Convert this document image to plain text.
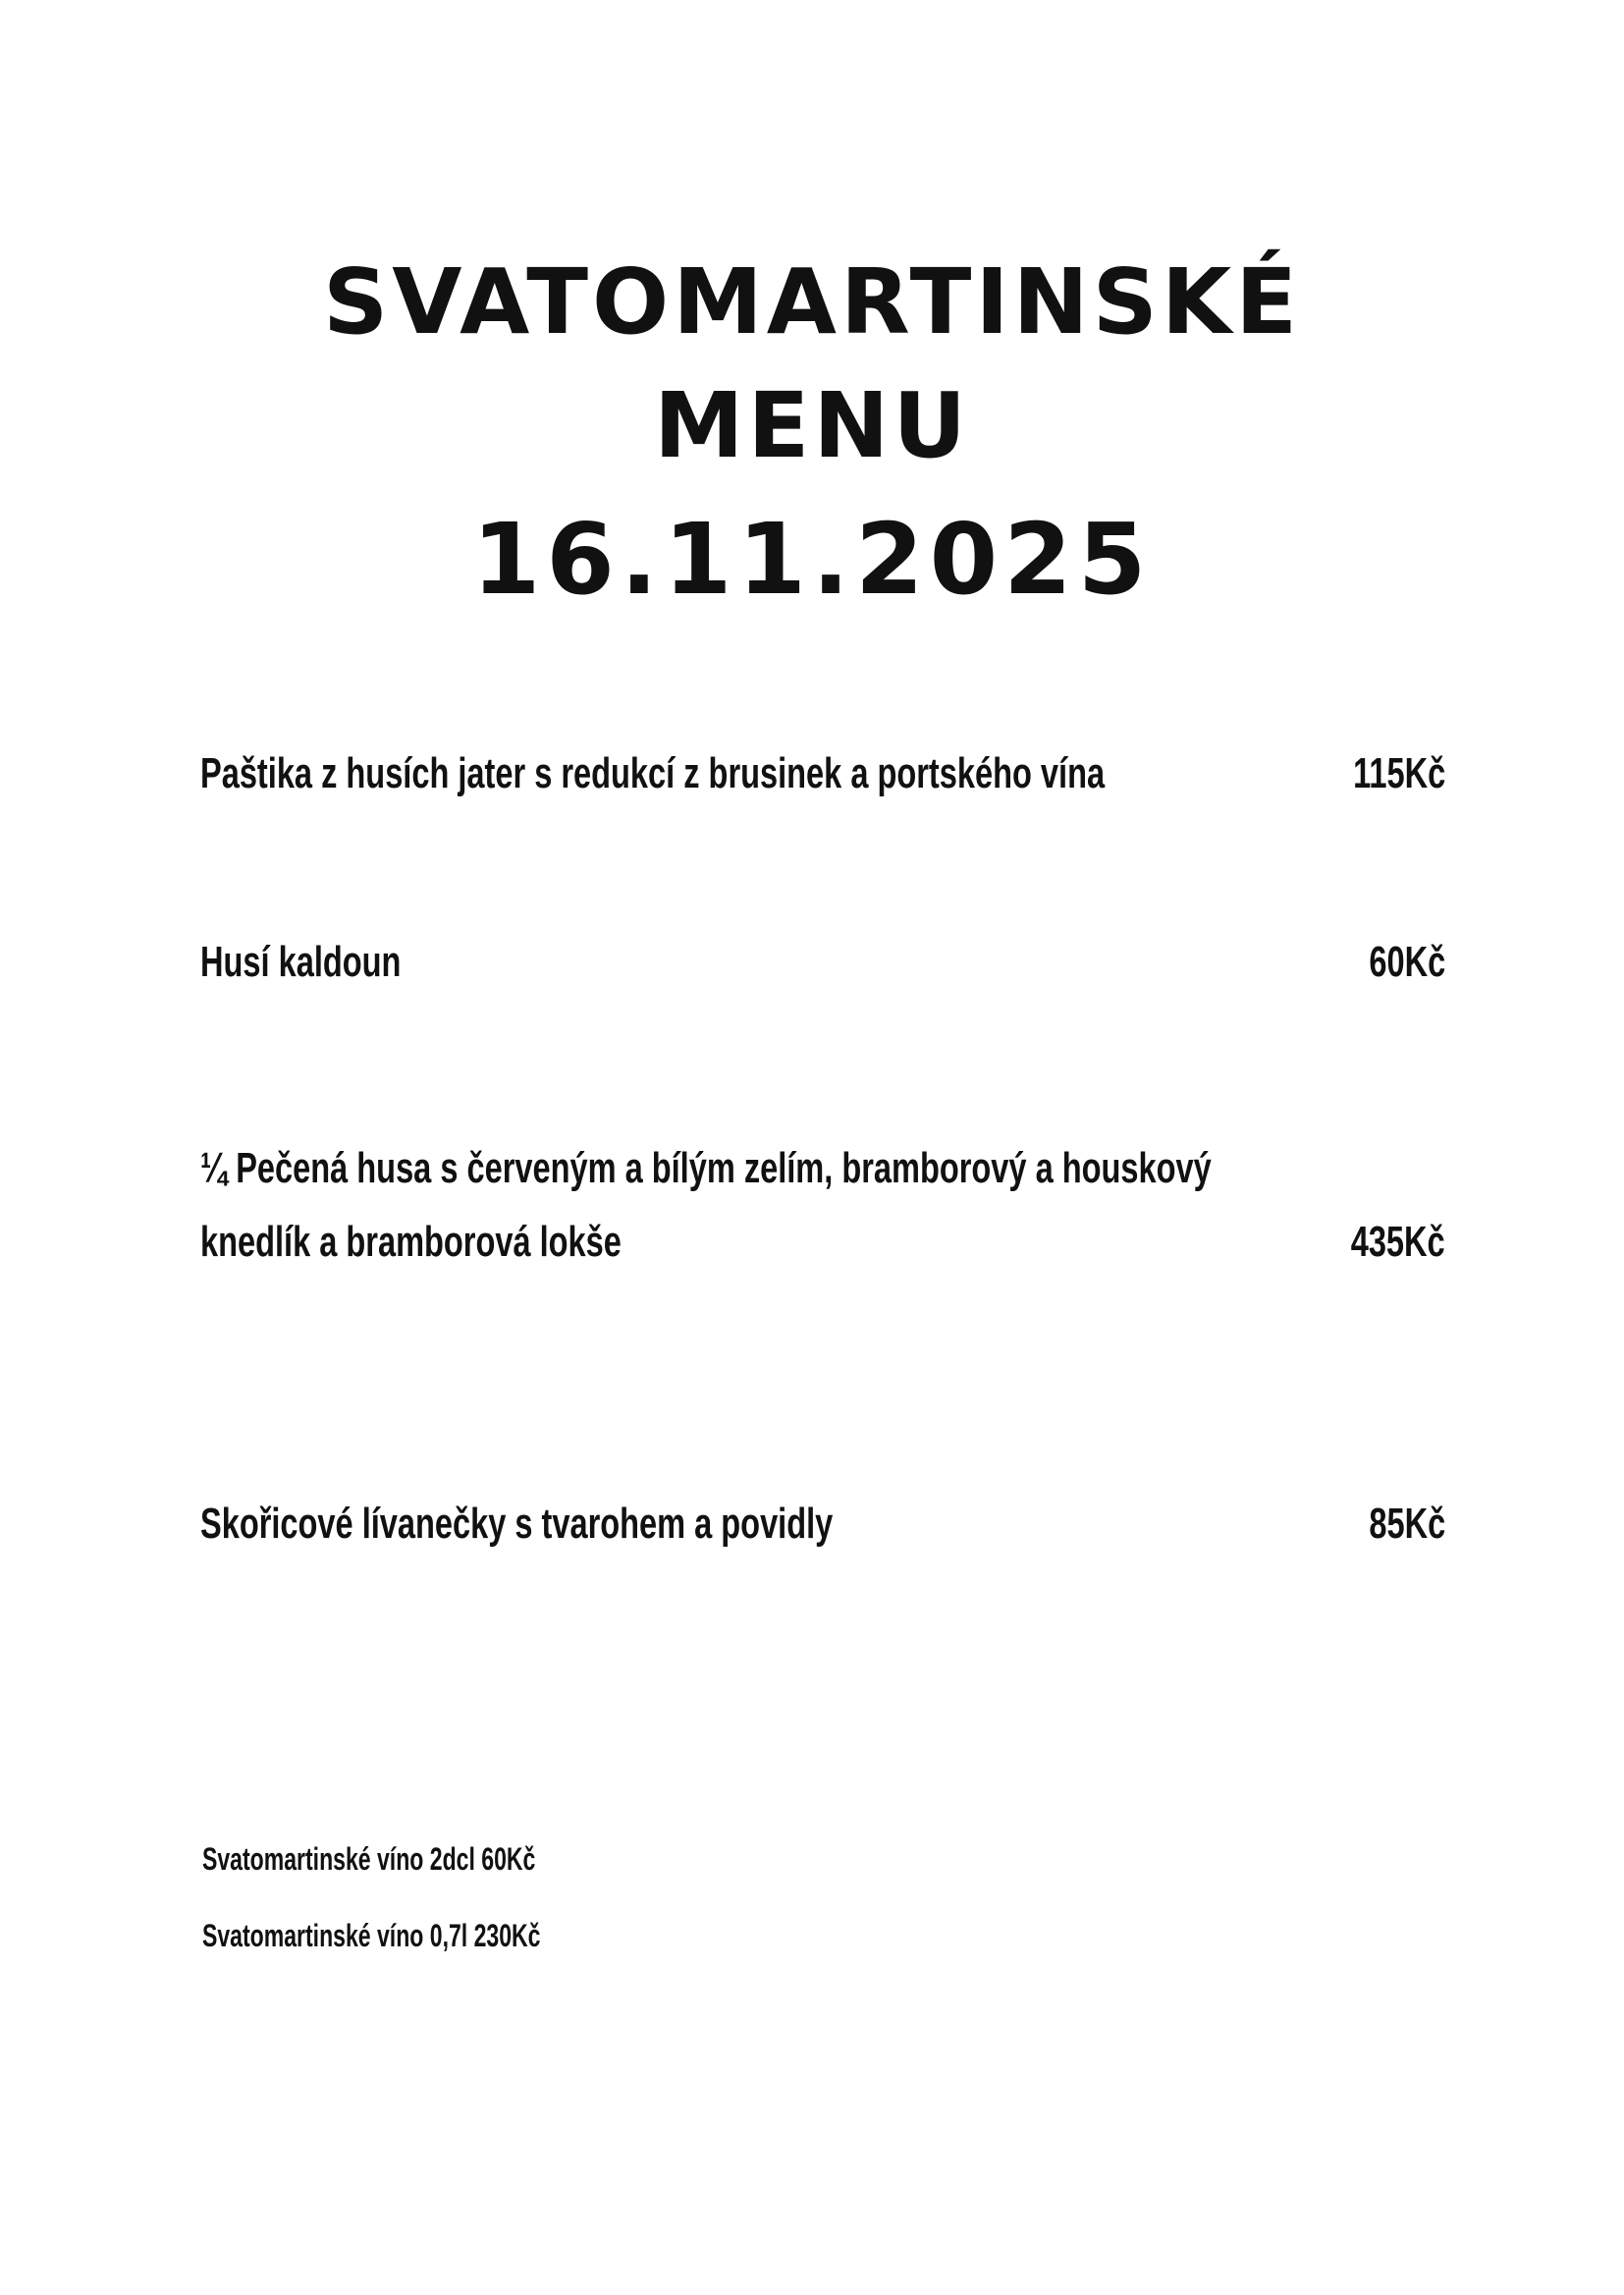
SVATOMARTINSKÉ
MENU
16.11.2025
Paštika z husích jater s redukcí z brusinek a portského vína	115Kč
Husí kaldoun	60Kč
¼ Pečená husa s červeným a bílým zelím, bramborový a houskový
knedlík a bramborová lokše	435Kč
Skořicové lívanečky s tvarohem a povidly	85Kč
Svatomartinské víno 2dcl 60Kč
Svatomartinské víno 0,7l 230Kč
